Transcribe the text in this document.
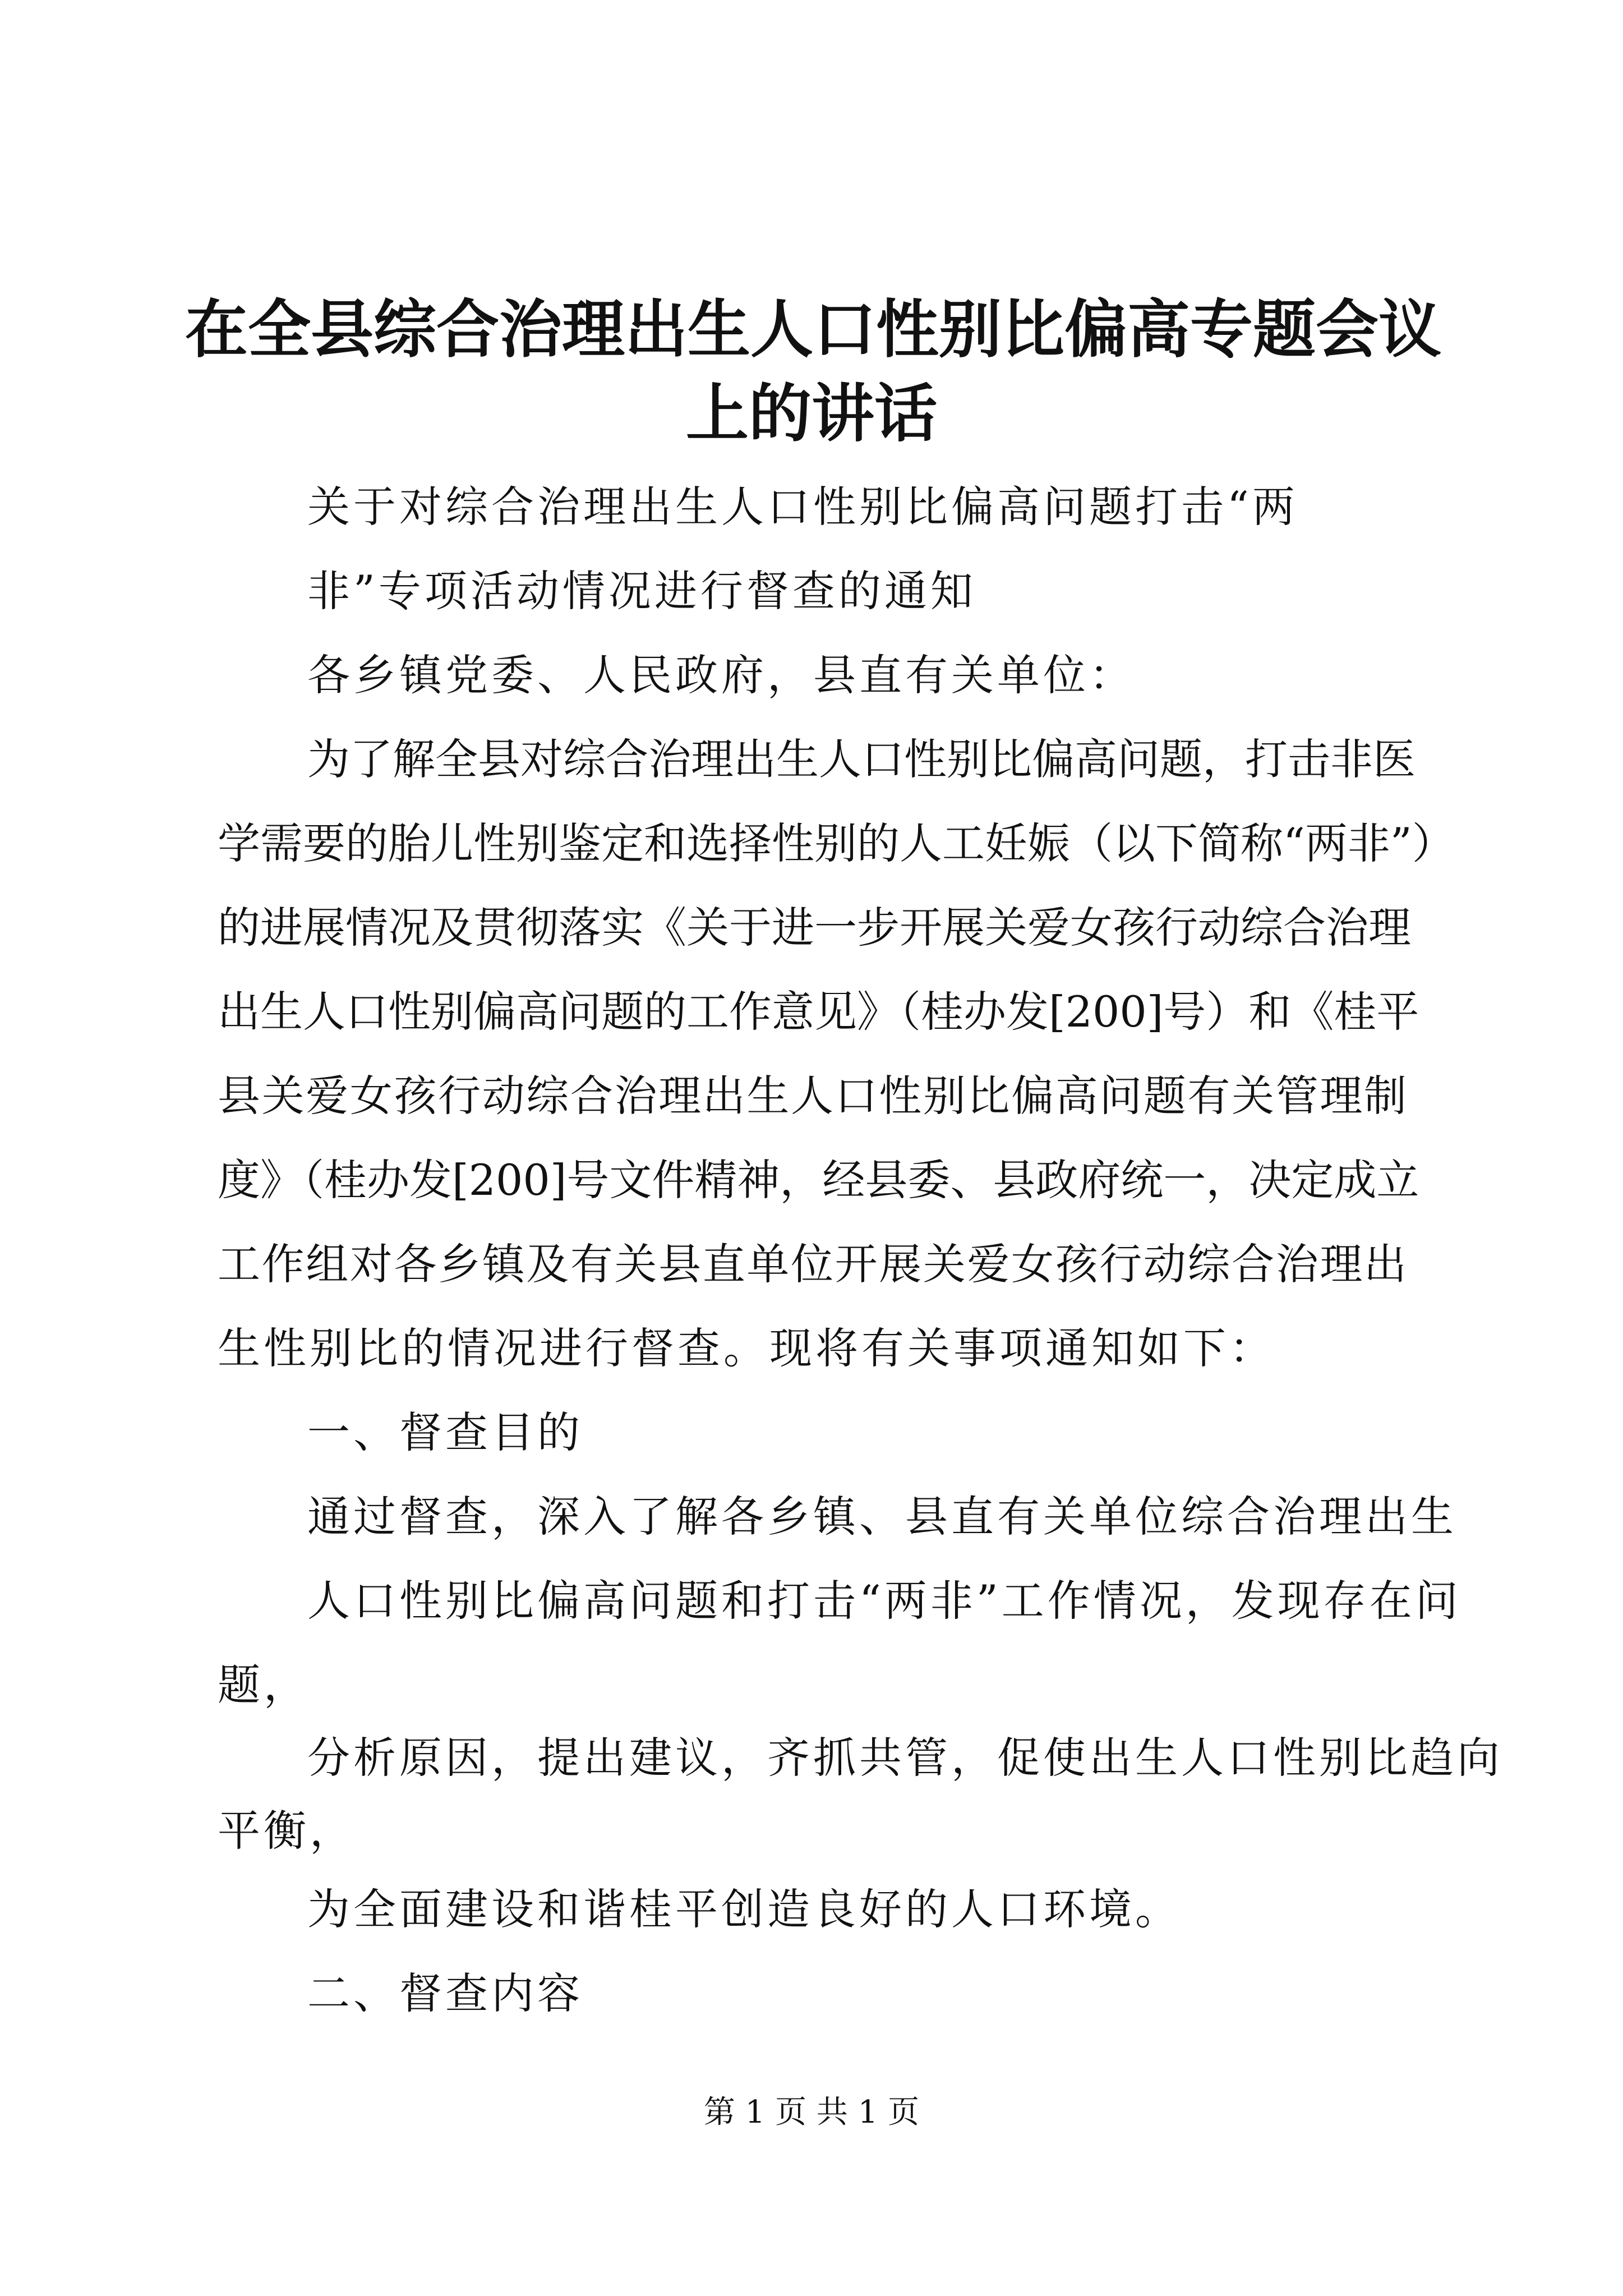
在全县综合治理出生人口性别比偏高专题会议
上的讲话
关于对综合治理出生人口性别比偏高问题打击“两
非”专项活动情况进行督查的通知
各乡镇党委、人民政府，县直有关单位：
为了解全县对综合治理出生人口性别比偏高问题，打击非医
学需要的胎儿性别鉴定和选择性别的人工妊娠（以下简称“两非”）
的进展情况及贯彻落实《关于进一步开展关爱女孩行动综合治理
出生人口性别偏高问题的工作意见》（桂办发[200]号）和《桂平
县关爱女孩行动综合治理出生人口性别比偏高问题有关管理制
度》（桂办发[200]号文件精神，经县委、县政府统一，决定成立
工作组对各乡镇及有关县直单位开展关爱女孩行动综合治理出
生性别比的情况进行督查。现将有关事项通知如下：
一、督查目的
通过督查，深入了解各乡镇、县直有关单位综合治理出生
人口性别比偏高问题和打击“两非”工作情况，发现存在问
题，
分析原因，提出建议，齐抓共管，促使出生人口性别比趋向
平衡，
为全面建设和谐桂平创造良好的人口环境。
二、督查内容
第 1 页 共 1 页
